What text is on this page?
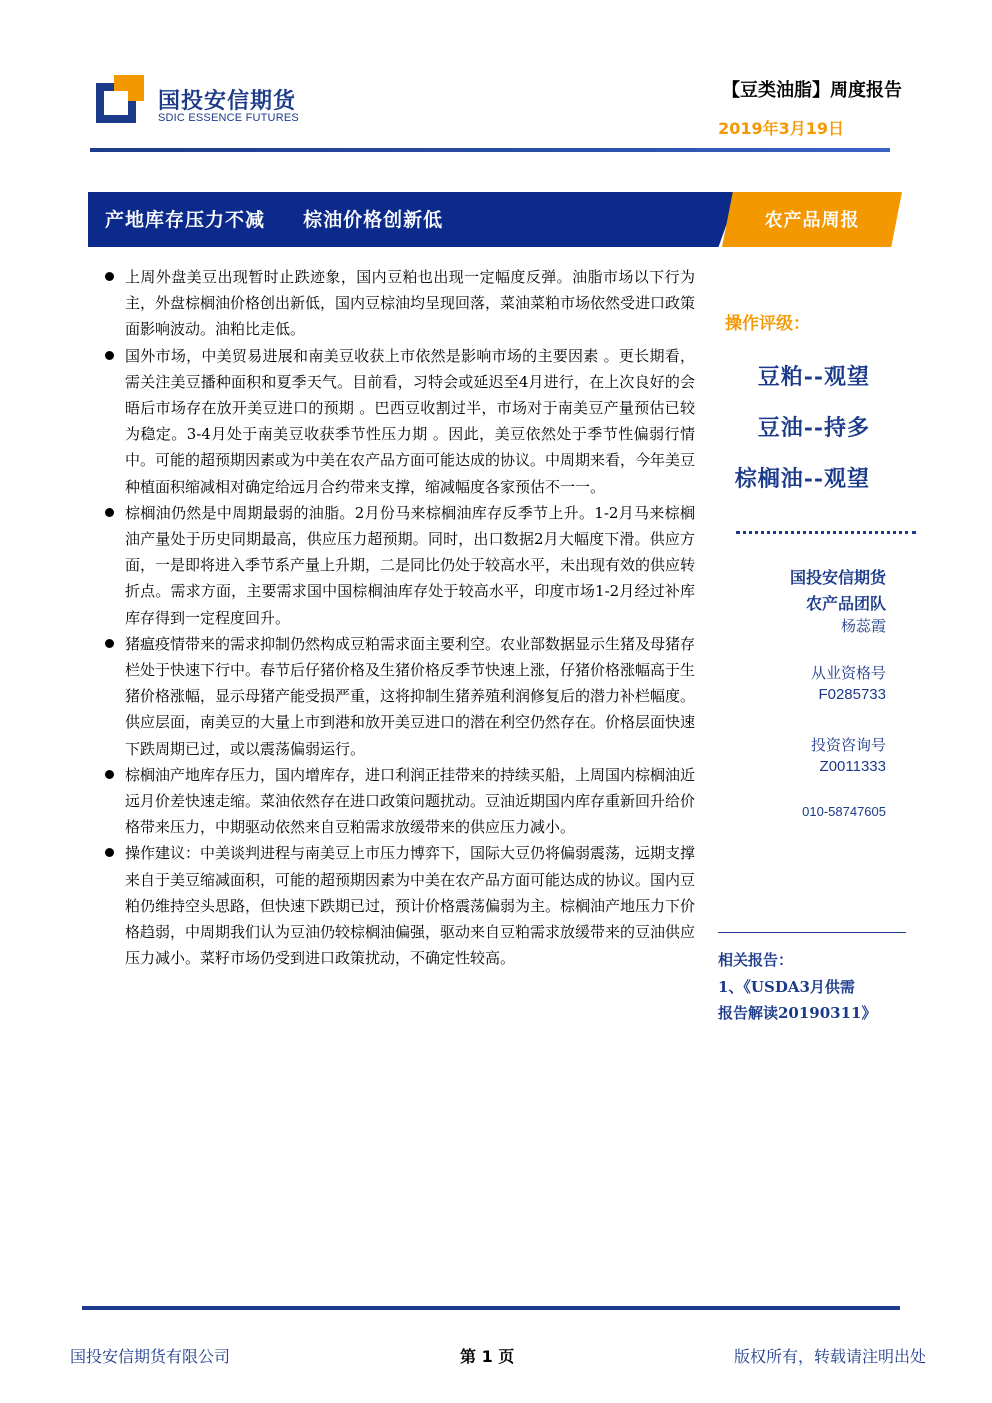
国投安信期货
SDIC ESSENCE FUTURES
【豆类油脂】周度报告
2019年3月19日
产地库存压力不减     棕油价格创新低	农产品周报
上周外盘美豆出现暂时止跌迹象，国内豆粕也出现一定幅度反弹。油脂市场以下行为主，外盘棕榈油价格创出新低，国内豆棕油均呈现回落，菜油菜粕市场依然受进口政策面影响波动。油粕比走低。
国外市场，中美贸易进展和南美豆收获上市依然是影响市场的主要因素 。更长期看，需关注美豆播种面积和夏季天气。目前看，习特会或延迟至4月进行，在上次良好的会晤后市场存在放开美豆进口的预期 。巴西豆收割过半，市场对于南美豆产量预估已较为稳定。3-4月处于南美豆收获季节性压力期 。因此，美豆依然处于季节性偏弱行情中。可能的超预期因素或为中美在农产品方面可能达成的协议。中周期来看，今年美豆种植面积缩减相对确定给远月合约带来支撑，缩减幅度各家预估不一一。
棕榈油仍然是中周期最弱的油脂。2月份马来棕榈油库存反季节上升。1-2月马来棕榈油产量处于历史同期最高，供应压力超预期。同时，出口数据2月大幅度下滑。供应方面，一是即将进入季节系产量上升期，二是同比仍处于较高水平，未出现有效的供应转折点。需求方面，主要需求国中国棕榈油库存处于较高水平，印度市场1-2月经过补库库存得到一定程度回升。
猪瘟疫情带来的需求抑制仍然构成豆粕需求面主要利空。农业部数据显示生猪及母猪存栏处于快速下行中。春节后仔猪价格及生猪价格反季节快速上涨，仔猪价格涨幅高于生猪价格涨幅，显示母猪产能受损严重，这将抑制生猪养殖利润修复后的潜力补栏幅度。供应层面，南美豆的大量上市到港和放开美豆进口的潜在利空仍然存在。价格层面快速下跌周期已过，或以震荡偏弱运行。
棕榈油产地库存压力，国内增库存，进口利润正挂带来的持续买船，上周国内棕榈油近远月价差快速走缩。菜油依然存在进口政策问题扰动。豆油近期国内库存重新回升给价格带来压力，中期驱动依然来自豆粕需求放缓带来的供应压力减小。
操作建议：中美谈判进程与南美豆上市压力博弈下，国际大豆仍将偏弱震荡，远期支撑来自于美豆缩减面积，可能的超预期因素为中美在农产品方面可能达成的协议。国内豆粕仍维持空头思路，但快速下跌期已过，预计价格震荡偏弱为主。棕榈油产地压力下价格趋弱，中周期我们认为豆油仍较棕榈油偏强，驱动来自豆粕需求放缓带来的豆油供应压力减小。菜籽市场仍受到进口政策扰动，不确定性较高。
操作评级：
豆粕--观望
豆油--持多
棕榈油--观望
国投安信期货
农产品团队
杨蕊霞
从业资格号
F0285733
投资咨询号
Z0011333
010-58747605
相关报告：
1、《USDA3月供需
报告解读20190311》
国投安信期货有限公司	第 1 页	版权所有，转载请注明出处
